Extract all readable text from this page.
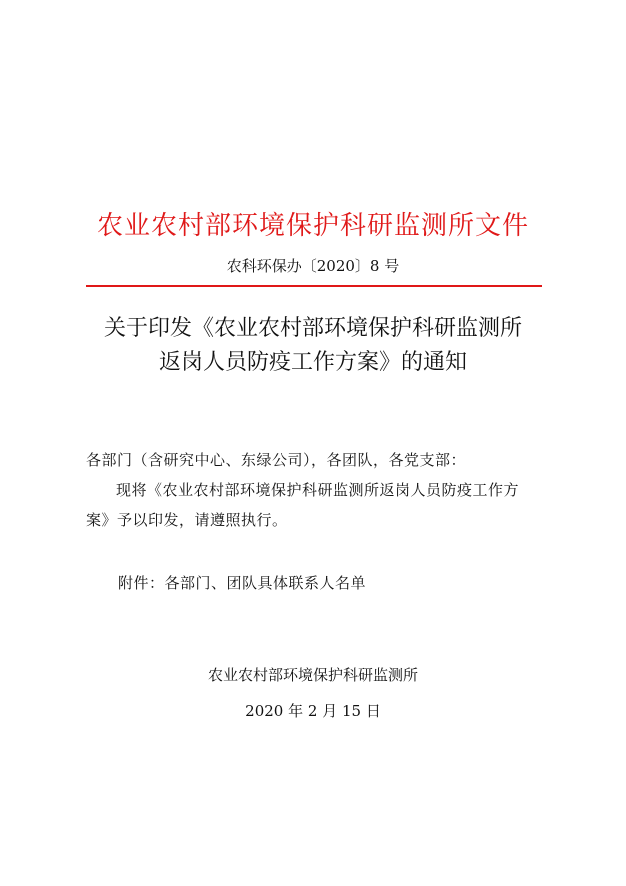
农业农村部环境保护科研监测所文件
农科环保办〔2020〕8 号
关于印发《农业农村部环境保护科研监测所
返岗人员防疫工作方案》的通知
各部门（含研究中心、东绿公司），各团队，各党支部：
现将《农业农村部环境保护科研监测所返岗人员防疫工作方案》予以印发，请遵照执行。
附件：各部门、团队具体联系人名单
农业农村部环境保护科研监测所
2020 年 2 月 15 日
